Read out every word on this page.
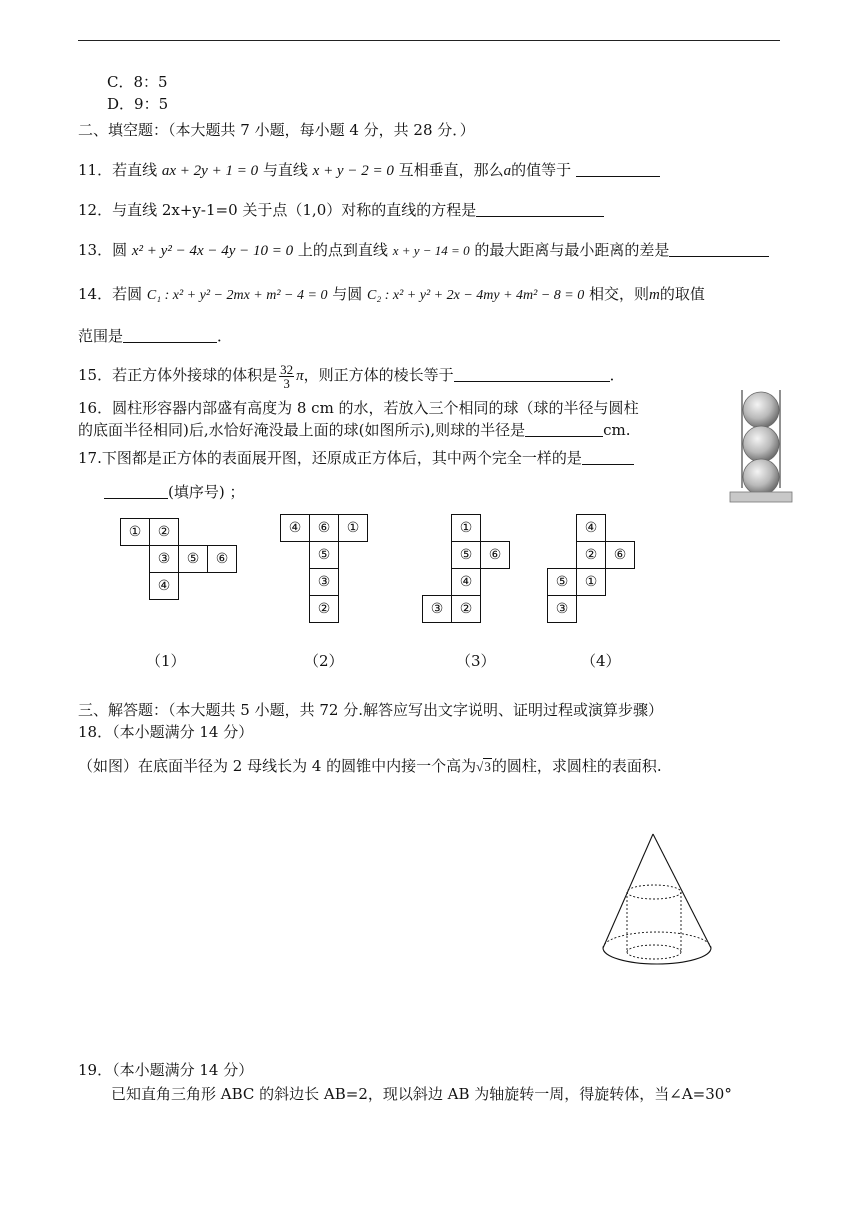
C．8：5
D．9：5
二、填空题：（本大题共 7 小题，每小题 4 分，共 28 分．）
11．若直线 ax + 2y + 1 = 0 与直线 x + y − 2 = 0 互相垂直，那么a的值等于
12．与直线 2x+y-1=0 关于点（1,0）对称的直线的方程是
13．圆 x² + y² − 4x − 4y − 10 = 0 上的点到直线 x + y − 14 = 0 的最大距离与最小距离的差是
14．若圆 C₁ : x² + y² − 2mx + m² − 4 = 0 与圆 C₂ : x² + y² + 2x − 4my + 4m² − 8 = 0 相交，则m的取值
范围是	．
15．若正方体外接球的体积是 $\frac{32}{3}$ π，则正方体的棱长等于	．
16．圆柱形容器内部盛有高度为 8 cm 的水，若放入三个相同的球（球的半径与圆柱
的底面半径相同)后,水恰好淹没最上面的球(如图所示),则球的半径是	cm.
17.下图都是正方体的表面展开图，还原成正方体后，其中两个完全一样的是
(填序号) ；
①	②
③	⑤	⑥
④
④	⑥	①
⑤
③
②
①
⑤	⑥
④
③	②
④
②	⑥
⑤	①
③
（1）	（2）	（3）	（4）
三、解答题：（本大题共 5 小题，共 72 分.解答应写出文字说明、证明过程或演算步骤）
18．（本小题满分 14 分）
（如图）在底面半径为 2 母线长为 4 的圆锥中内接一个高为√3的圆柱，求圆柱的表面积.
19．（本小题满分 14 分）
已知直角三角形 ABC 的斜边长 AB=2，现以斜边 AB 为轴旋转一周，得旋转体，当∠A=30°
